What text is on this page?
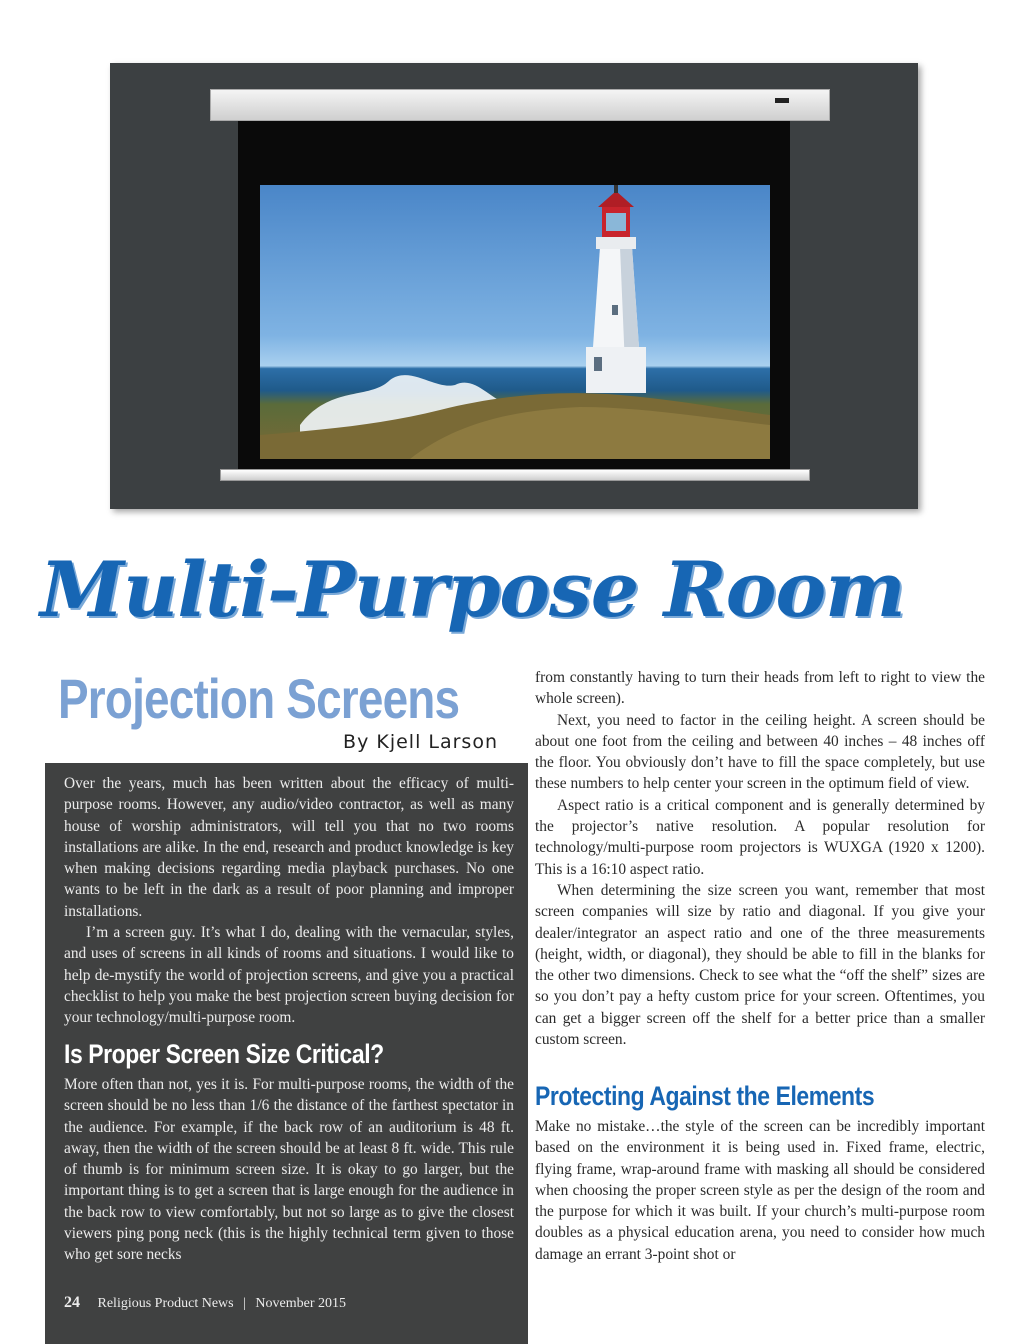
Multi-Purpose Room
Projection Screens
By Kjell Larson

Over the years, much has been written about the efficacy of multi-purpose rooms. However, any audio/video contractor, as well as many house of worship administrators, will tell you that no two rooms installations are alike. In the end, research and product knowledge is key when making decisions regarding media playback purchases. No one wants to be left in the dark as a result of poor planning and improper installations.

I’m a screen guy. It’s what I do, dealing with the vernacular, styles, and uses of screens in all kinds of rooms and situations. I would like to help de-mystify the world of projection screens, and give you a practical checklist to help you make the best projection screen buying decision for your technology/multi-purpose room.

Is Proper Screen Size Critical?

More often than not, yes it is. For multi-purpose rooms, the width of the screen should be no less than 1/6 the distance of the farthest spectator in the audience. For example, if the back row of an auditorium is 48 ft. away, then the width of the screen should be at least 8 ft. wide. This rule of thumb is for minimum screen size. It is okay to go larger, but the important thing is to get a screen that is large enough for the audience in the back row to view comfortably, but not so large as to give the closest viewers ping pong neck (this is the highly technical term given to those who get sore necks

from constantly having to turn their heads from left to right to view the whole screen).

Next, you need to factor in the ceiling height. A screen should be about one foot from the ceiling and between 40 inches – 48 inches off the floor. You obviously don’t have to fill the space completely, but use these numbers to help center your screen in the optimum field of view.

Aspect ratio is a critical component and is generally determined by the projector’s native resolution. A popular resolution for technology/multi-purpose room projectors is WUXGA (1920 x 1200). This is a 16:10 aspect ratio.

When determining the size screen you want, remember that most screen companies will size by ratio and diagonal. If you give your dealer/integrator an aspect ratio and one of the three measurements (height, width, or diagonal), they should be able to fill in the blanks for the other two dimensions. Check to see what the “off the shelf” sizes are so you don’t pay a hefty custom price for your screen. Oftentimes, you can get a bigger screen off the shelf for a better price than a smaller custom screen.

Protecting Against the Elements

Make no mistake…the style of the screen can be incredibly important based on the environment it is being used in. Fixed frame, electric, flying frame, wrap-around frame with masking all should be considered when choosing the proper screen style as per the design of the room and the purpose for which it was built. If your church’s multi-purpose room doubles as a physical education arena, you need to consider how much damage an errant 3-point shot or

24 Religious Product News | November 2015
